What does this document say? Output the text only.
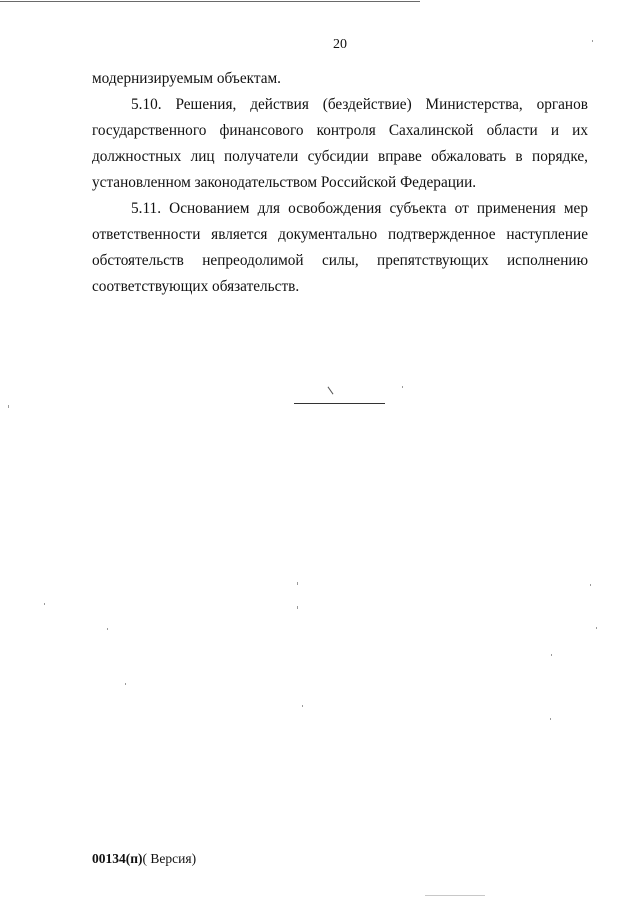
20

модернизируемым объектам.

5.10. Решения, действия (бездействие) Министерства, органов государственного финансового контроля Сахалинской области и их должностных лиц получатели субсидии вправе обжаловать в порядке, установленном законодательством Российской Федерации.

5.11. Основанием для освобождения субъекта от применения мер ответственности является документально подтвержденное наступление обстоятельств непреодолимой силы, препятствующих исполнению соответствующих обязательств.

00134(п)( Версия)
